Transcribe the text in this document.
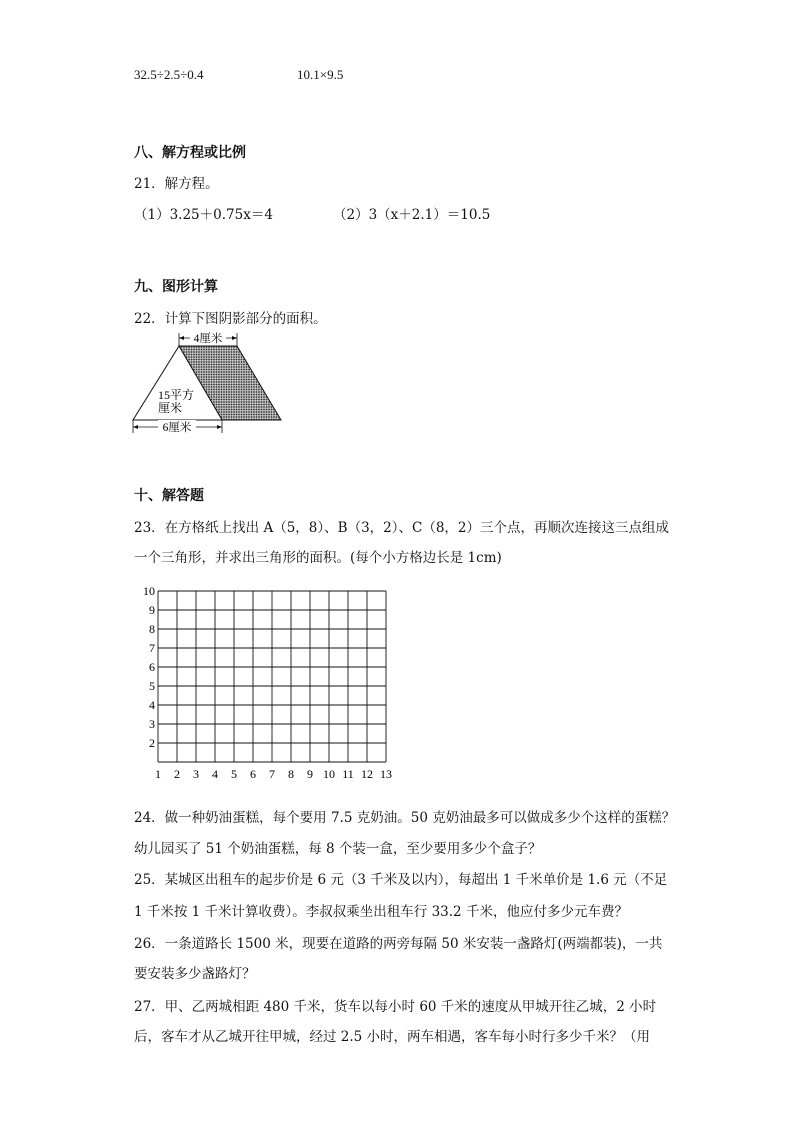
32.5÷2.5÷0.4	10.1×9.5
八、解方程或比例
21．解方程。
（1）3.25＋0.75x＝4	（2）3（x＋2.1）＝10.5
九、图形计算
22．计算下图阴影部分的面积。
4厘米
15平方
厘米
6厘米
十、解答题
23．在方格纸上找出 A（5，8）、B（3，2）、C（8，2）三个点，再顺次连接这三点组成
一个三角形，并求出三角形的面积。(每个小方格边长是 1cm)
10
9
8
7
6
5
4
3
2
1 2 3 4 5 6 7 8 9 10 11 12 13
24．做一种奶油蛋糕，每个要用 7.5 克奶油。50 克奶油最多可以做成多少个这样的蛋糕？
幼儿园买了 51 个奶油蛋糕，每 8 个装一盒，至少要用多少个盒子？
25．某城区出租车的起步价是 6 元（3 千米及以内），每超出 1 千米单价是 1.6 元（不足
1 千米按 1 千米计算收费）。李叔叔乘坐出租车行 33.2 千米，他应付多少元车费？
26．一条道路长 1500 米，现要在道路的两旁每隔 50 米安装一盏路灯(两端都装)，一共
要安装多少盏路灯？
27．甲、乙两城相距 480 千米，货车以每小时 60 千米的速度从甲城开往乙城，2 小时
后，客车才从乙城开往甲城，经过 2.5 小时，两车相遇，客车每小时行多少千米？（用
